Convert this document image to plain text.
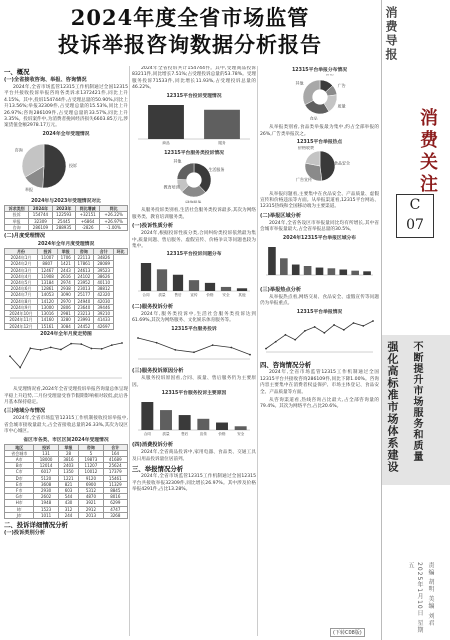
2024年度全省市场监管
投诉举报咨询数据分析报告
一、概况
(一)全省接收咨询、举报、咨询情况
2024年,全省市场监管12315工作机制通过全国12315平台共接收投诉举报咨询各类诉求1372421件,同比上升4.15%。其中,投诉154744件,占受理总量的50.90%,同比上升13.56%;举报32309件,占受理总量的15.53%,同比上升26.97%;咨询286109件,占受理总量的33.57%,同比上升3.35%。投诉案件中,为消费者挽回经济损失6603.85万元,涉案货值金额2978.17万元。
2024年全年受理情况
投诉
举报
咨询
2024年与2023年受理情况对比
诉求类别	2024年	2023年	同比增减	同比
投诉	154744	122593	+32151	+26.22%
举报	32309	25445	+6864	+26.97%
咨询	286109	288935	-2826	-1.00%
(二)月度受理情况
2024年全年月度受理情况
月份	投诉	举报	咨询	合计	环比
2024年1月	11007	1706	22113	34826	
2024年2月	8807	1421	17861	28089	
2024年3月	12467	2443	24613	39523	
2024年4月	11908	2616	24102	38626	
2024年5月	13184	2974	23952	40110	
2024年6月	12861	2938	23013	38812	
2024年7月	14053	3090	25177	42320	
2024年8月	14120	2970	24940	42030	
2024年9月	13000	2806	23640	39446	
2024年10月	13016	2981	23213	39210	
2024年11月	14160	3280	23993	41433	
2024年12月	15161	3084	24452	42697	
2024年全年月度走势图
从受理情况看,2024年全省受理投诉举报咨询量总体呈现平稳上升趋势,二月份受理量受春节假期影响相对较低,此后各月基本保持稳定。
(三)地域分布情况
2024年,全省市场监管12315工作机制接收投诉举报中,省会城市接收量最大,占全省接收总量的26.33%,其次为设区市中心城区。
省区市各类、市区区间2024年受理情况
地区	投诉	举报	咨询	合计
省会城市	131	28	5	164
A市	18000	3816	19873	41689
B市	12014	2403	11207	25624
C市	6017	1350	10012	17379
D市	5120	1221	9120	15461
E市	3608	821	6900	11329
F市	2930	603	5312	8845
G市	2602	544	4870	8016
H市	1948	430	3921	6299
I市	1523	312	2912	4747
J市	1011	244	2013	3268
二、投诉详细情况分析
(一)投诉类别分析
2024年全省投诉共计154744件。其中,受理商品投诉83211件,同比增长7.51%;占受理投诉总量的53.78%。受理服务投诉71533件,同比增长11.93%,占受理投诉总量的46.22%。
12315平台投诉受理情况
商品	服务
12315平台服务类投诉情况
生活服务
网络服务
教育培训
其他
从服务投诉类别看,生活社会服务类投诉最多,其次为网络服务类、教育培训服务类。
(一)投诉性质分析
2024年,根据投诉性质分类,合同纠纷类投诉依然最为集中,质量问题、售后服务、虚假宣传、价格争议等问题也较为集中。
12315平台投诉问题分布
合同 质量 售后 宣传 价格 安全 其他
(二)服务投诉分析
2024年,服务类投诉中,生活社会服务类投诉达到61.69%,其次为网络服务、文化娱乐体育服务等。
12315平台服务投诉
(三)服务投诉原因分析
从服务投诉原因看,合同、质量、售后服务仍为主要原因。
12315平台服务投诉主要原因
合同	质量	售后	宣传	价格	安全
(四)消费投诉分析
2024年,全省商品投诉中,家用电器、食品类、交通工具及日用品投诉量位居前列。
三、举报情况分析
2024年,全省市场监管12315工作机制通过全国12315平台共接收举报32309件,同比增长26.97%。其中涉及价格举报4291件,占比13.28%。
12315平台举报分布情况
广告
质量
食品
其他
从举报类别看,食品类举报最为集中,约占全部举报的26%,广告类举报次之。
12315平台举报热点
食品安全
广告宣传
价格收费
从举报问题看,主要集中在食品安全、产品质量、虚假宣传和价格违法等方面。从举报渠道看,12315平台网站、12315热线和全国移动端为主要渠道。
(二)举报区域分析
2024年,全省各设区市举报量同比均有所增长,其中省会城市举报量最大,占全省举报总量的30.5%。
2024年12315平台举报区域分布
(三)举报热点分析
从举报热点看,网络交易、食品安全、虚假宣传等问题仍为举报重点。
12315平台举报情况
四、咨询情况分析
2024年,全省市场监管12315工作机制通过全国12315平台共接收咨询286109件,同比下降1.00%。咨询内容主要集中在消费者权益保护、市场主体登记、食品安全、产品质量等方面。
从咨询渠道看,热线咨询占比最大,占全部咨询量的79.4%。其次为网络平台,占比20.6%。
(下转C08版)
消费导报
消费关注
C
07
强化高标准市场体系建设 不断提升市场服务和质量
2025年1月10日 星期五	责编 胡明 美编 刘君
